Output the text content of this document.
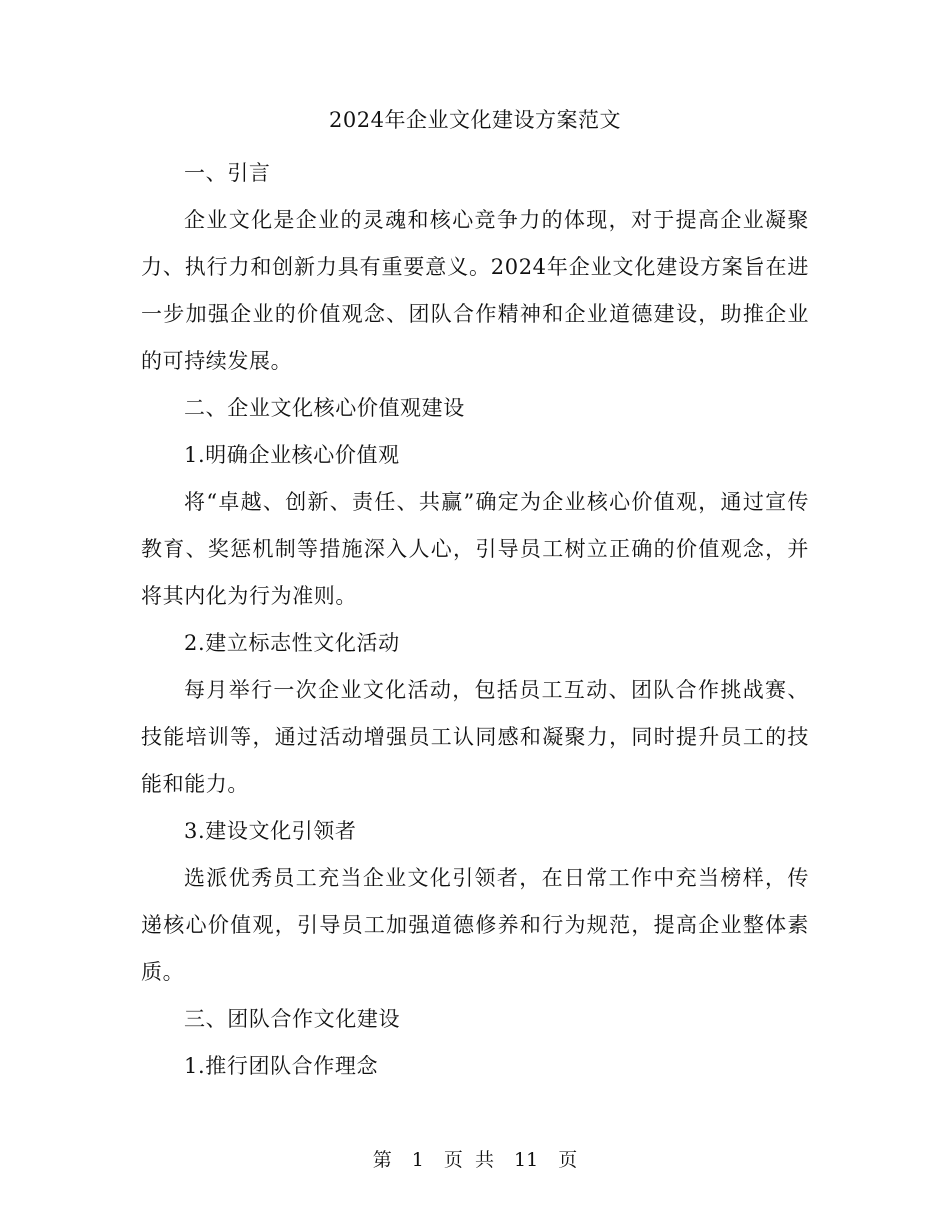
2024年企业文化建设方案范文

一、引言

企业文化是企业的灵魂和核心竞争力的体现，对于提高企业凝聚力、执行力和创新力具有重要意义。2024年企业文化建设方案旨在进一步加强企业的价值观念、团队合作精神和企业道德建设，助推企业的可持续发展。

二、企业文化核心价值观建设

1.明确企业核心价值观

将“卓越、创新、责任、共赢”确定为企业核心价值观，通过宣传教育、奖惩机制等措施深入人心，引导员工树立正确的价值观念，并将其内化为行为准则。

2.建立标志性文化活动

每月举行一次企业文化活动，包括员工互动、团队合作挑战赛、技能培训等，通过活动增强员工认同感和凝聚力，同时提升员工的技能和能力。

3.建设文化引领者

选派优秀员工充当企业文化引领者，在日常工作中充当榜样，传递核心价值观，引导员工加强道德修养和行为规范，提高企业整体素质。

三、团队合作文化建设

1.推行团队合作理念

第 1 页 共 11 页
